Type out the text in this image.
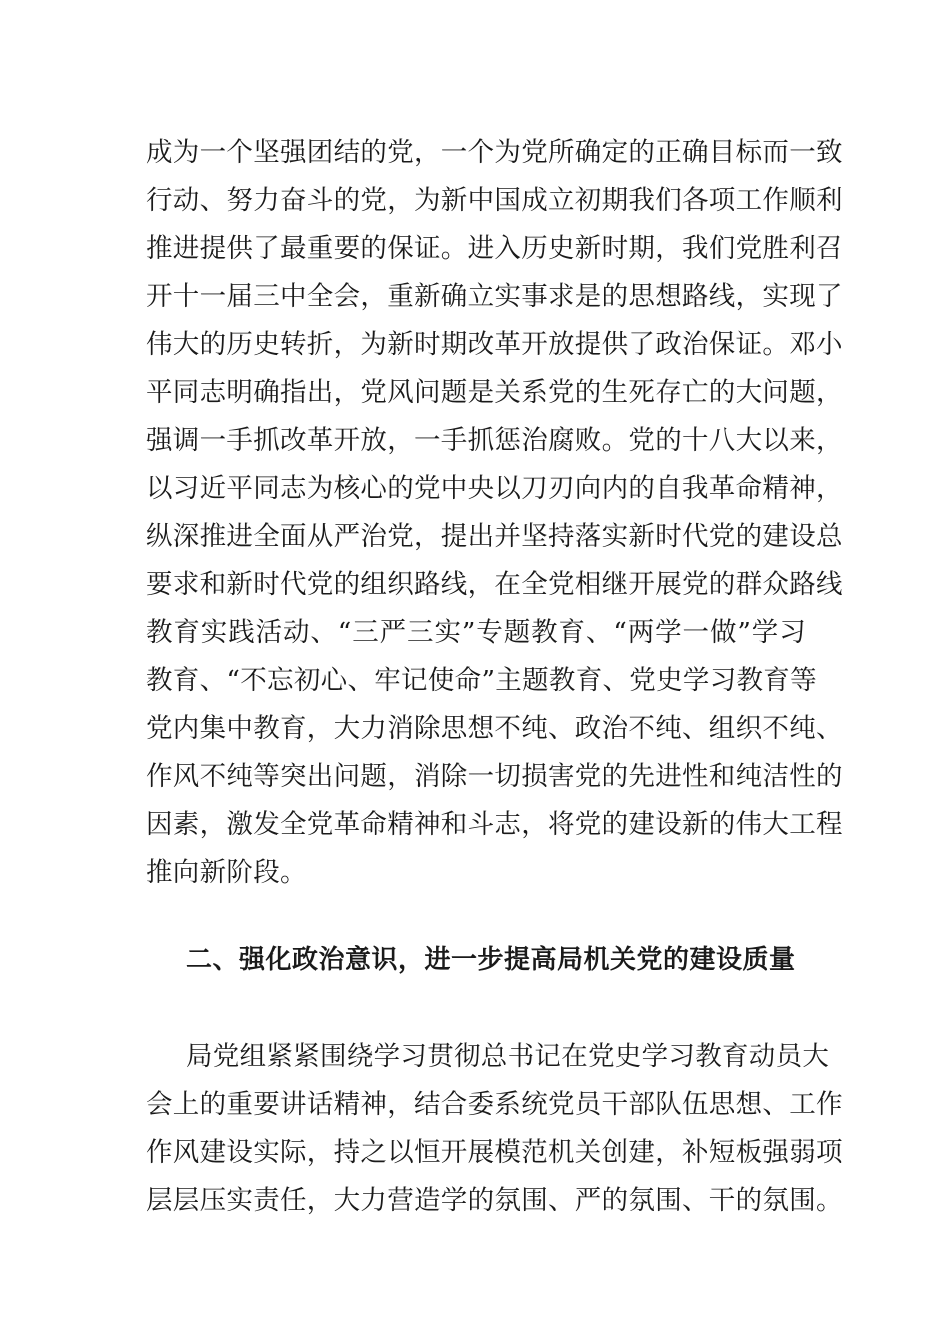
成为一个坚强团结的党，一个为党所确定的正确目标而一致
行动、努力奋斗的党，为新中国成立初期我们各项工作顺利
推进提供了最重要的保证。进入历史新时期，我们党胜利召
开十一届三中全会，重新确立实事求是的思想路线，实现了
伟大的历史转折，为新时期改革开放提供了政治保证。邓小
平同志明确指出，党风问题是关系党的生死存亡的大问题，
强调一手抓改革开放，一手抓惩治腐败。党的十八大以来，
以习近平同志为核心的党中央以刀刃向内的自我革命精神，
纵深推进全面从严治党，提出并坚持落实新时代党的建设总
要求和新时代党的组织路线，在全党相继开展党的群众路线
教育实践活动、“三严三实”专题教育、“两学一做”学习
教育、“不忘初心、牢记使命”主题教育、党史学习教育等
党内集中教育，大力消除思想不纯、政治不纯、组织不纯、
作风不纯等突出问题，消除一切损害党的先进性和纯洁性的
因素，激发全党革命精神和斗志，将党的建设新的伟大工程
推向新阶段。
二、强化政治意识，进一步提高局机关党的建设质量
局党组紧紧围绕学习贯彻总书记在党史学习教育动员大
会上的重要讲话精神，结合委系统党员干部队伍思想、工作
作风建设实际，持之以恒开展模范机关创建，补短板强弱项
层层压实责任，大力营造学的氛围、严的氛围、干的氛围。
